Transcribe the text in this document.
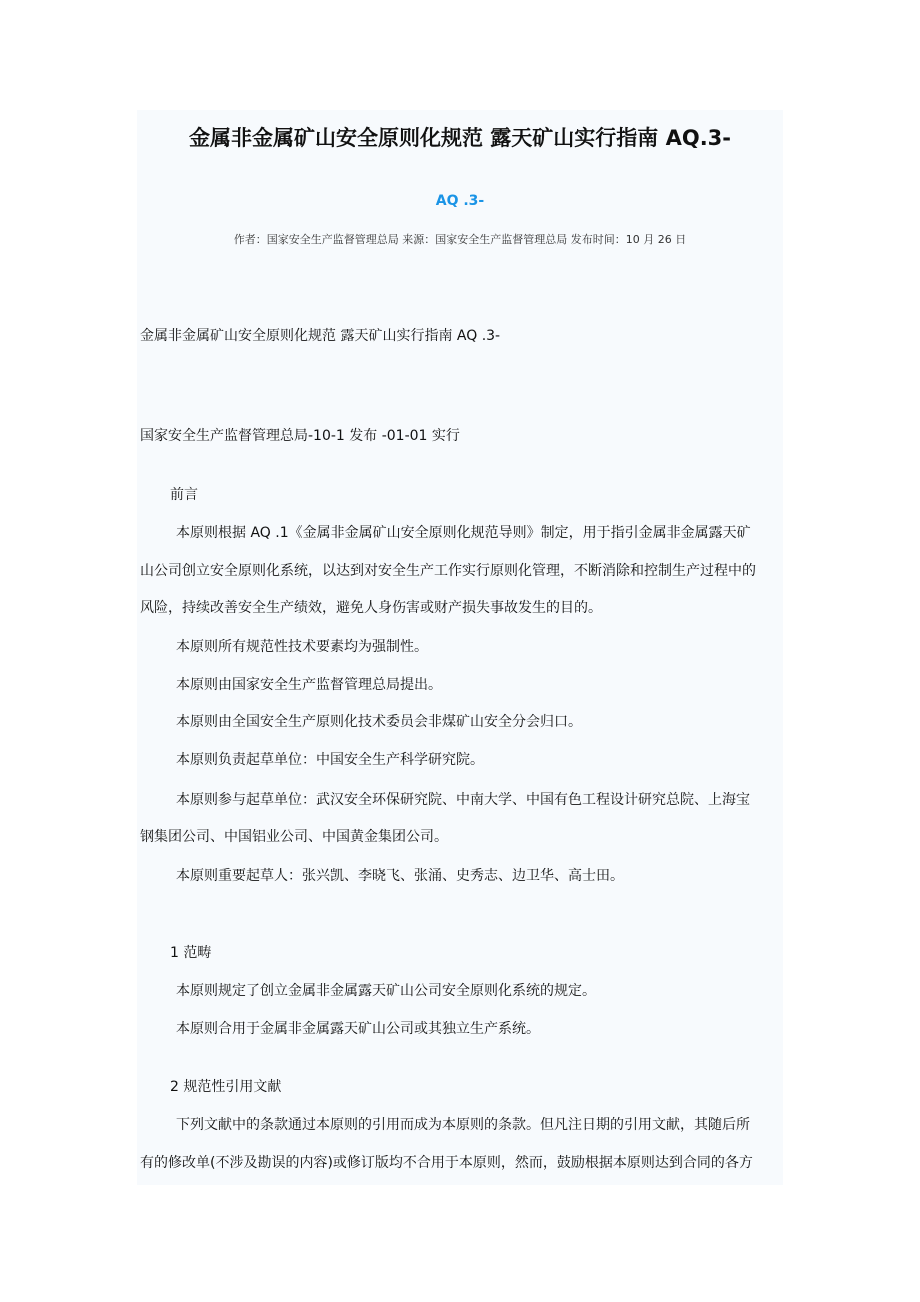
金属非金属矿山安全原则化规范 露天矿山实行指南 AQ.3-
AQ .3-
作者：国家安全生产监督管理总局 来源：国家安全生产监督管理总局 发布时间：10 月 26 日
金属非金属矿山安全原则化规范 露天矿山实行指南 AQ .3-
国家安全生产监督管理总局-10-1 发布 -01-01 实行
前言
本原则根据 AQ .1《金属非金属矿山安全原则化规范导则》制定，用于指引金属非金属露天矿
山公司创立安全原则化系统，以达到对安全生产工作实行原则化管理，不断消除和控制生产过程中的
风险，持续改善安全生产绩效，避免人身伤害或财产损失事故发生的目的。
本原则所有规范性技术要素均为强制性。
本原则由国家安全生产监督管理总局提出。
本原则由全国安全生产原则化技术委员会非煤矿山安全分会归口。
本原则负责起草单位：中国安全生产科学研究院。
本原则参与起草单位：武汉安全环保研究院、中南大学、中国有色工程设计研究总院、上海宝
钢集团公司、中国铝业公司、中国黄金集团公司。
本原则重要起草人：张兴凯、李晓飞、张涌、史秀志、边卫华、高士田。
1 范畴
本原则规定了创立金属非金属露天矿山公司安全原则化系统的规定。
本原则合用于金属非金属露天矿山公司或其独立生产系统。
2 规范性引用文献
下列文献中的条款通过本原则的引用而成为本原则的条款。但凡注日期的引用文献，其随后所
有的修改单(不涉及勘误的内容)或修订版均不合用于本原则，然而，鼓励根据本原则达到合同的各方
